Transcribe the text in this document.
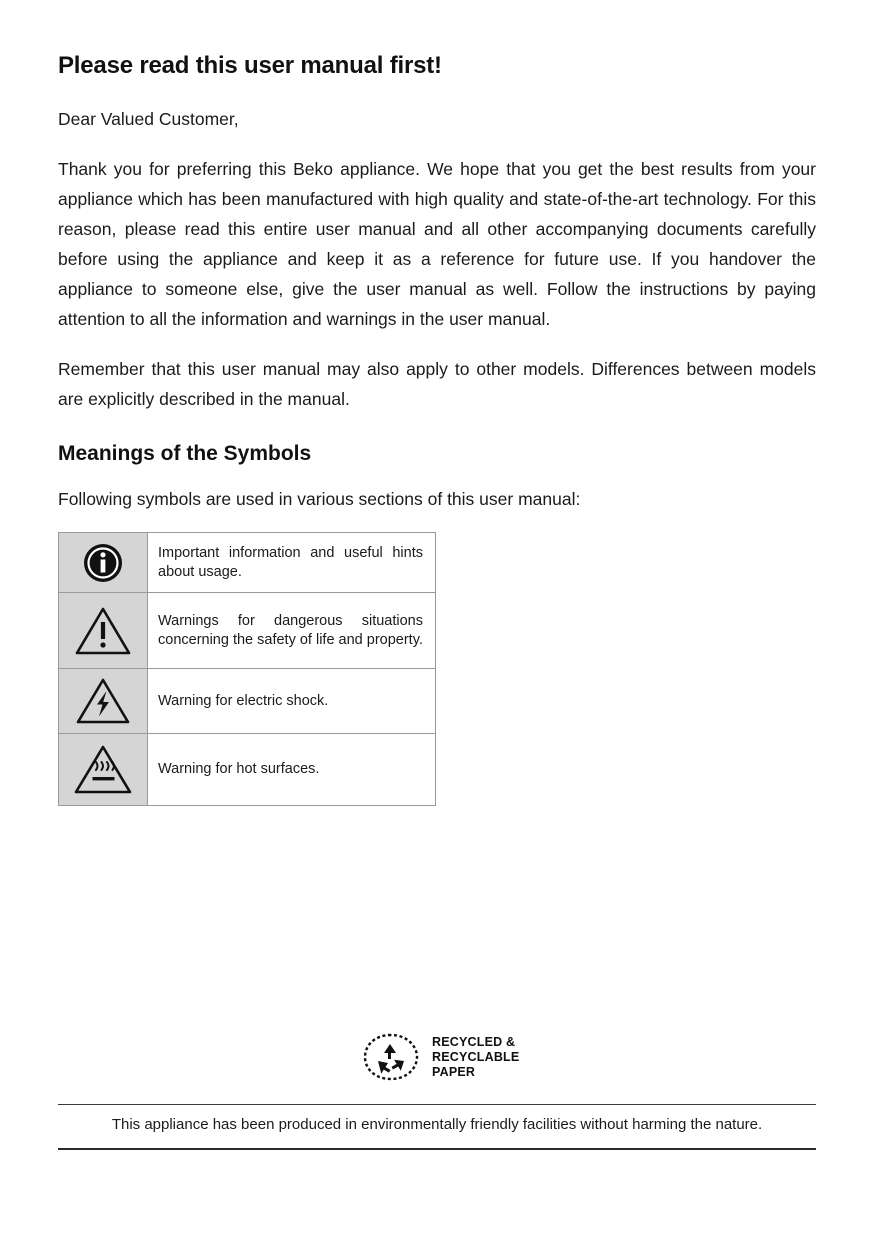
Please read this user manual first!

Dear Valued Customer,

Thank you for preferring this Beko appliance. We hope that you get the best results from your appliance which has been manufactured with high quality and state-of-the-art technology. For this reason, please read this entire user manual and all other accompanying documents carefully before using the appliance and keep it as a reference for future use. If you handover the appliance to someone else, give the user manual as well. Follow the instructions by paying attention to all the information and warnings in the user manual.

Remember that this user manual may also apply to other models. Differences between models are explicitly described in the manual.

Meanings of the Symbols

Following symbols are used in various sections of this user manual:

	Important information and useful hints about usage.

	Warnings for dangerous situations concerning the safety of life and property.

	Warning for electric shock.

	Warning for hot surfaces.
RECYCLED &
RECYCLABLE
PAPER
This appliance has been produced in environmentally friendly facilities without harming the nature.
